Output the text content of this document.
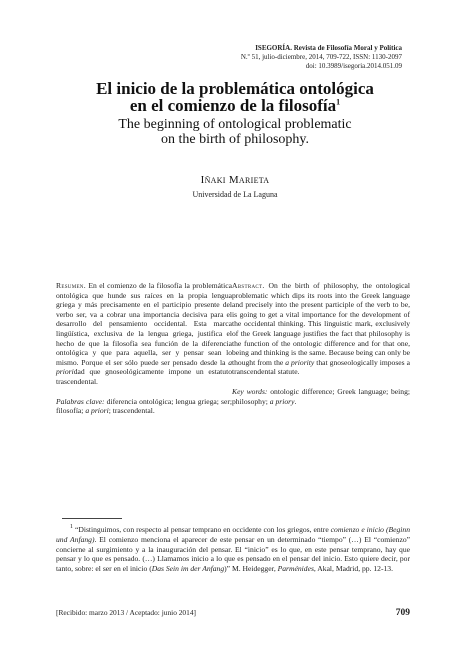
ISEGORÍA. Revista de Filosofía Moral y Política
N.º 51, julio-diciembre, 2014, 709-722, ISSN: 1130-2097
doi: 10.3989/isegoria.2014.051.09
El inicio de la problemática ontológica
en el comienzo de la filosofía$^1$
The beginning of ontological problematic
on the birth of philosophy.
Iñaki Marieta
Universidad de La Laguna
Resumen. En el comienzo de la filosofía la problemática ontológica que hunde sus raíces en la propia lengua griega y más precisamente en el participio presente del verbo ser, va a cobrar una importancia decisiva para el desarrollo del pensamiento occidental. Esta marca lingüística, exclusiva de la lengua griega, justifica el hecho de que la filosofía sea función de la diferencia ontológica y que para aquella, ser y pensar sean lo mismo. Porque el ser sólo puede ser pensado desde la a prioridad que gnoseológicamente impone un estatuto trascendental.
Palabras clave: diferencia ontológica; lengua griega; ser; filosofía; a priori; trascendental.
Abstract. On the birth of philosophy, the ontological problematic which dips its roots into the Greek language and precisely into the present participle of the verb to be, is going to get a vital importance for the development of the occidental thinking. This linguistic mark, exclusively of the Greek language justifies the fact that philosophy is the function of the ontologic difference and for that one, being and thinking is the same. Because being can only be thought from the a priority that gnoseologically imposes a transcendental statute.
Key words: ontologic difference; Greek language; being; philosophy; a priory.
$^1$ “Distinguimos, con respecto al pensar temprano en occidente con los griegos, entre comienzo e inicio (Beginn und Anfang). El comienzo menciona el aparecer de este pensar en un determinado “tiempo” (…) El “comienzo” concierne al surgimiento y a la inauguración del pensar. El “inicio” es lo que, en este pensar temprano, hay que pensar y lo que es pensado. (…) Llamamos inicio a lo que es pensado en el pensar del inicio. Esto quiere decir, por tanto, sobre: el ser en el inicio (Das Sein im der Anfang)” M. Heidegger, Parménides, Akal, Madrid, pp. 12-13.
[Recibido: marzo 2013 / Aceptado: junio 2014]	709
